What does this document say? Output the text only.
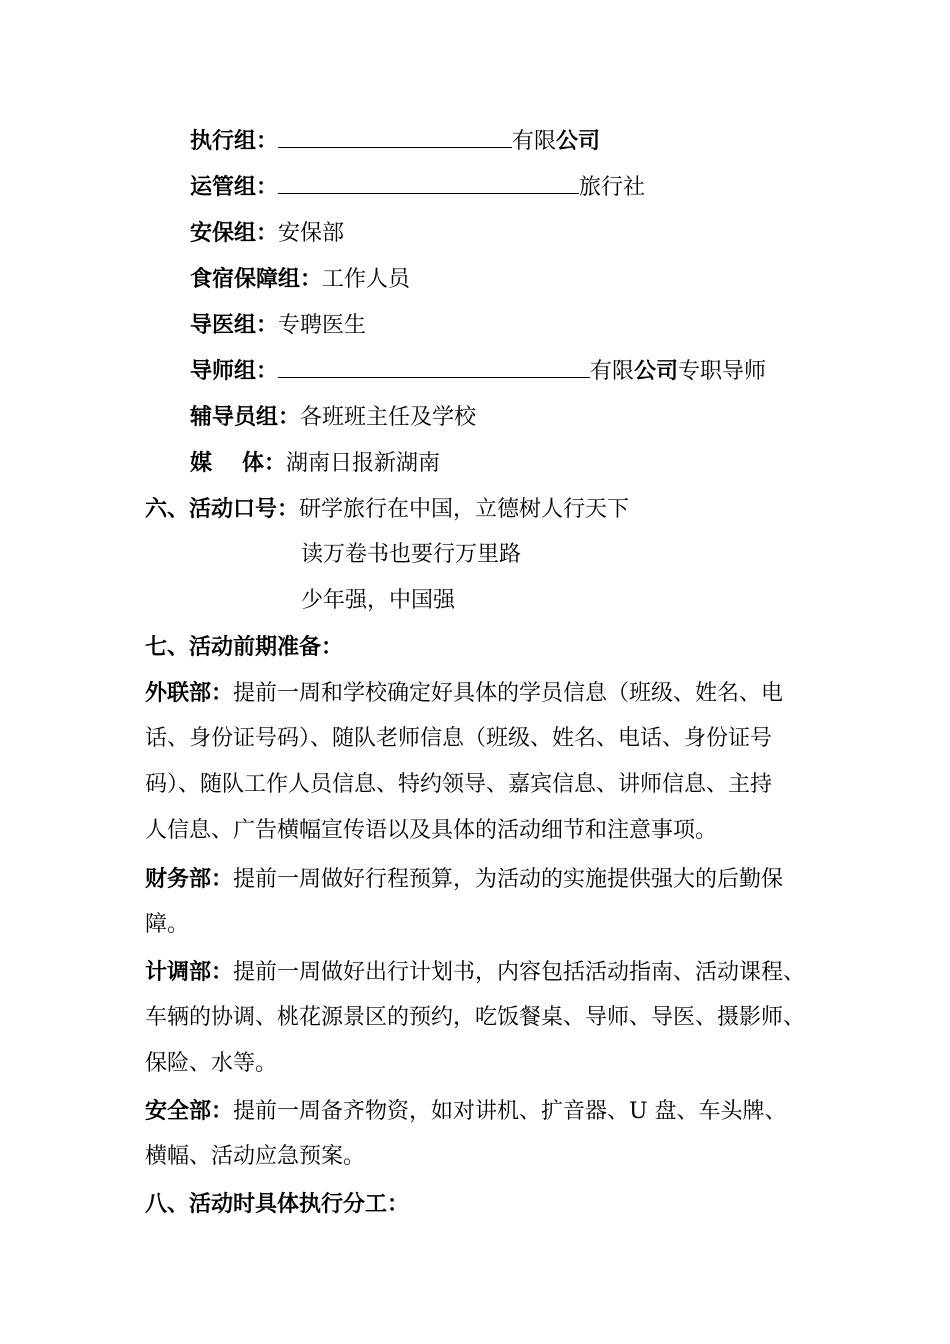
执行组：	有限公司
运管组：	旅行社
安保组：安保部
食宿保障组：工作人员
导医组：专聘医生
导师组：	有限公司专职导师
辅导员组：各班班主任及学校
媒 体：湖南日报新湖南
六、活动口号：研学旅行在中国，立德树人行天下
读万卷书也要行万里路
少年强，中国强
七、活动前期准备：
外联部：提前一周和学校确定好具体的学员信息（班级、姓名、电
话、身份证号码）、随队老师信息（班级、姓名、电话、身份证号
码）、随队工作人员信息、特约领导、嘉宾信息、讲师信息、主持
人信息、广告横幅宣传语以及具体的活动细节和注意事项。
财务部：提前一周做好行程预算，为活动的实施提供强大的后勤保
障。
计调部：提前一周做好出行计划书，内容包括活动指南、活动课程、
车辆的协调、桃花源景区的预约，吃饭餐桌、导师、导医、摄影师、
保险、水等。
安全部：提前一周备齐物资，如对讲机、扩音器、U 盘、车头牌、
横幅、活动应急预案。
八、活动时具体执行分工：
